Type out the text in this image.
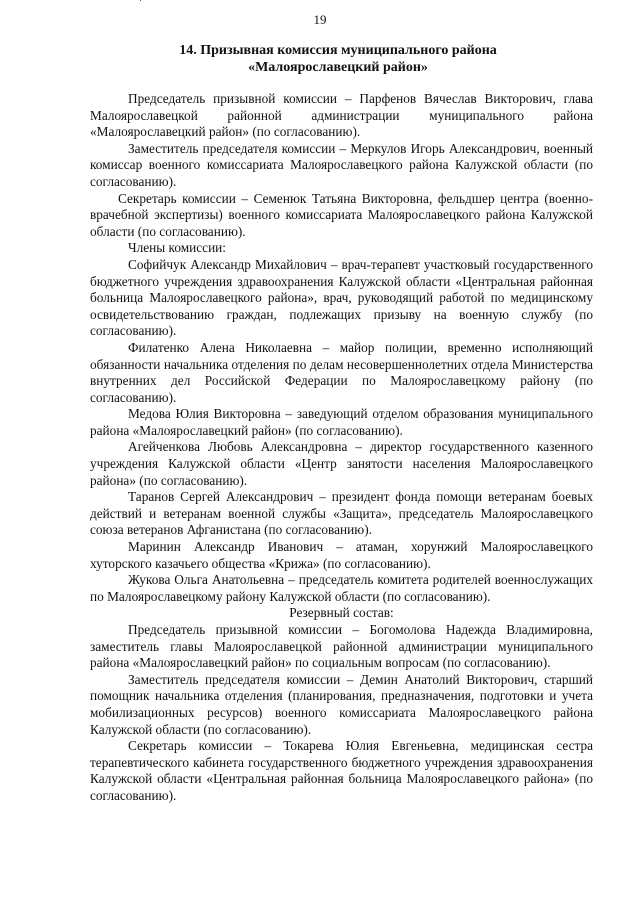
19
14. Призывная комиссия муниципального района
«Малоярославецкий район»

Председатель призывной комиссии – Парфенов Вячеслав Викторович, глава Малоярославецкой районной администрации муниципального района «Малоярославецкий район» (по согласованию).

Заместитель председателя комиссии – Меркулов Игорь Александрович, военный комиссар военного комиссариата Малоярославецкого района Калужской области (по согласованию).

Секретарь комиссии – Семенюк Татьяна Викторовна, фельдшер центра (военно-врачебной экспертизы) военного комиссариата Малоярославецкого района Калужской области (по согласованию).

Члены комиссии:

Софийчук Александр Михайлович – врач-терапевт участковый государственного бюджетного учреждения здравоохранения Калужской области «Центральная районная больница Малоярославецкого района», врач, руководящий работой по медицинскому освидетельствованию граждан, подлежащих призыву на военную службу (по согласованию).

Филатенко Алена Николаевна – майор полиции, временно исполняющий обязанности начальника отделения по делам несовершеннолетних отдела Министерства внутренних дел Российской Федерации по Малоярославецкому району (по согласованию).

Медова Юлия Викторовна – заведующий отделом образования муниципального района «Малоярославецкий район» (по согласованию).

Агейченкова Любовь Александровна – директор государственного казенного учреждения Калужской области «Центр занятости населения Малоярославецкого района» (по согласованию).

Таранов Сергей Александрович – президент фонда помощи ветеранам боевых действий и ветеранам военной службы «Защита», председатель Малоярославецкого союза ветеранов Афганистана (по согласованию).

Маринин Александр Иванович – атаман, хорунжий Малоярославецкого хуторского казачьего общества «Крижа» (по согласованию).

Жукова Ольга Анатольевна – председатель комитета родителей военнослужащих по Малоярославецкому району Калужской области (по согласованию).

Резервный состав:

Председатель призывной комиссии – Богомолова Надежда Владимировна, заместитель главы Малоярославецкой районной администрации муниципального района «Малоярославецкий район» по социальным вопросам (по согласованию).

Заместитель председателя комиссии – Демин Анатолий Викторович, старший помощник начальника отделения (планирования, предназначения, подготовки и учета мобилизационных ресурсов) военного комиссариата Малоярославецкого района Калужской области (по согласованию).

Секретарь комиссии – Токарева Юлия Евгеньевна, медицинская сестра терапевтического кабинета государственного бюджетного учреждения здравоохранения Калужской области «Центральная районная больница Малоярославецкого района» (по согласованию).
